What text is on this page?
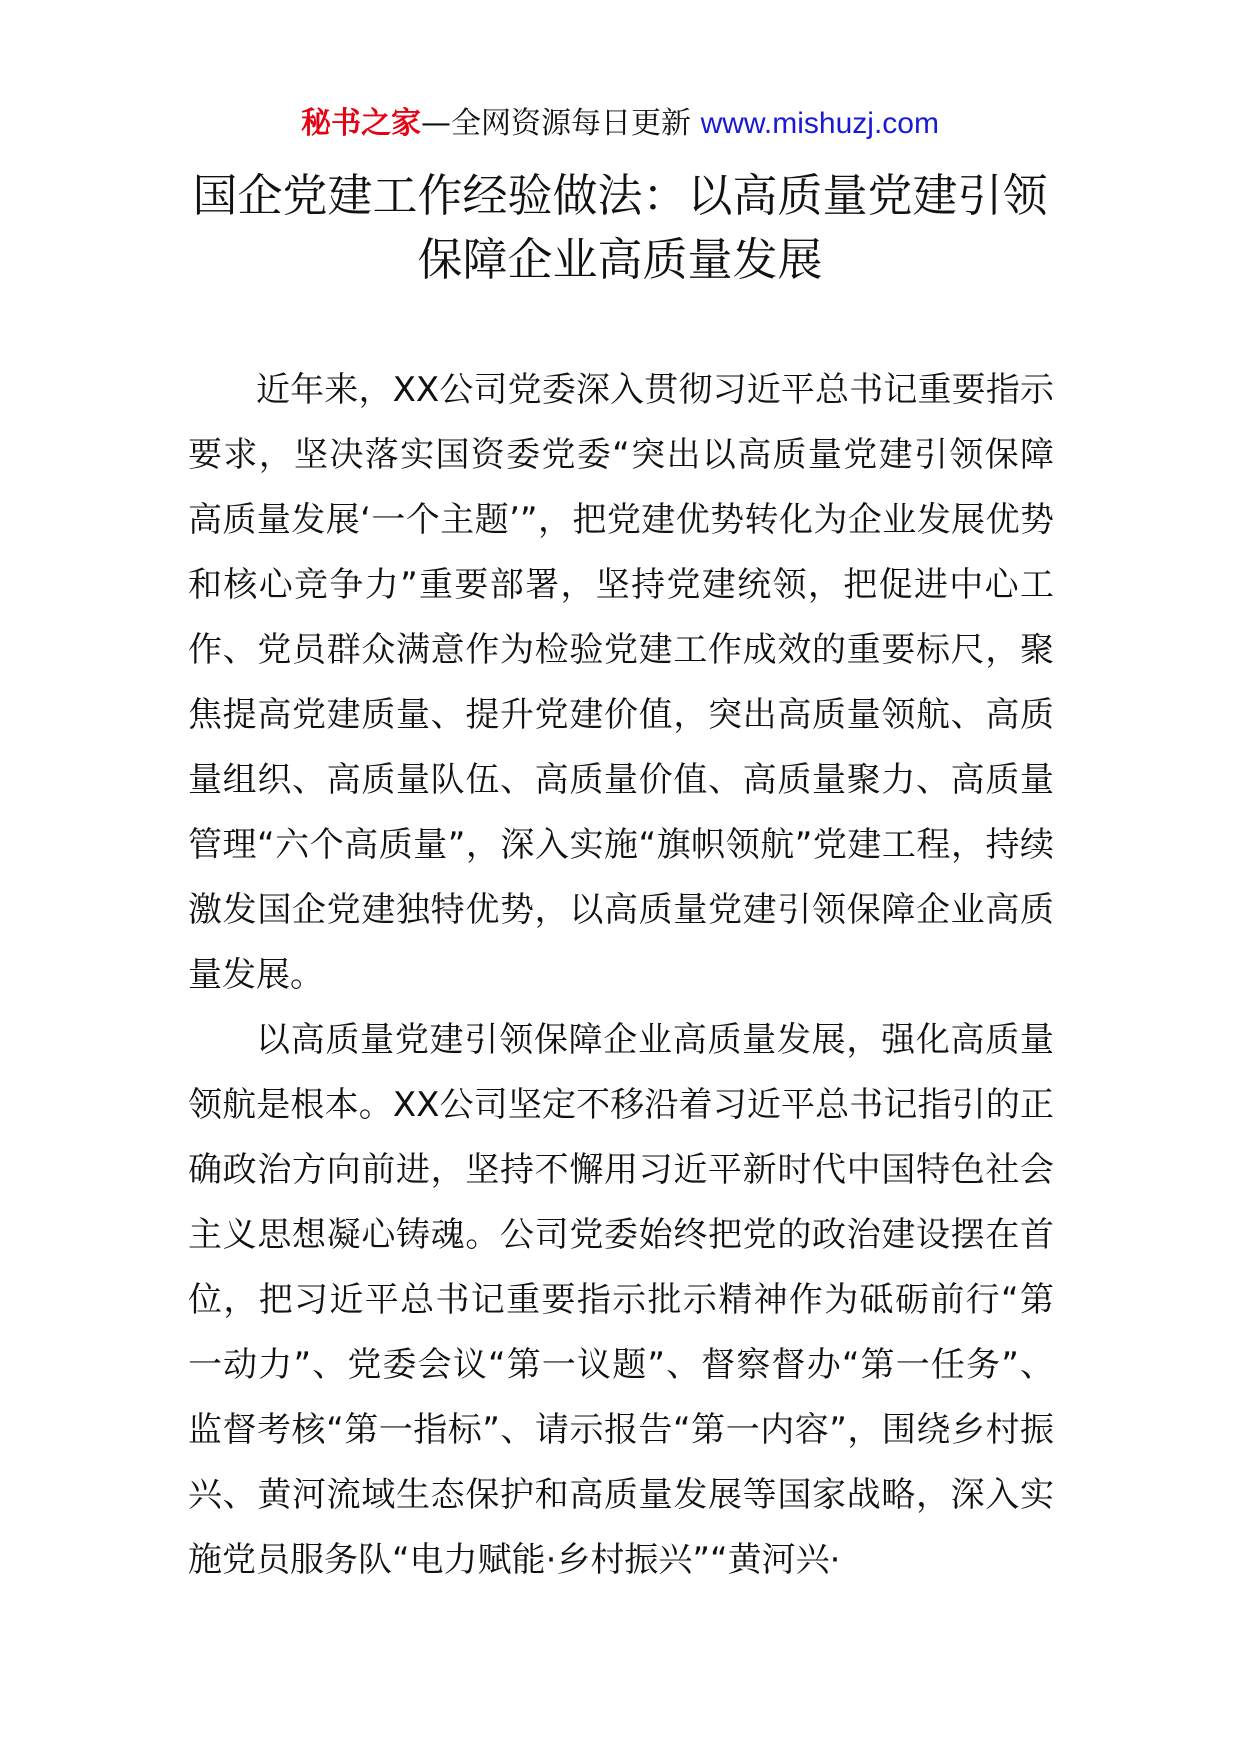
秘书之家—全网资源每日更新 www.mishuzj.com
国企党建工作经验做法：以高质量党建引领保障企业高质量发展

近年来，XX公司党委深入贯彻习近平总书记重要指示要求，坚决落实国资委党委“突出以高质量党建引领保障高质量发展‘一个主题’”，把党建优势转化为企业发展优势和核心竞争力”重要部署，坚持党建统领，把促进中心工作、党员群众满意作为检验党建工作成效的重要标尺，聚焦提高党建质量、提升党建价值，突出高质量领航、高质量组织、高质量队伍、高质量价值、高质量聚力、高质量管理“六个高质量”，深入实施“旗帜领航”党建工程，持续激发国企党建独特优势，以高质量党建引领保障企业高质量发展。

以高质量党建引领保障企业高质量发展，强化高质量领航是根本。XX公司坚定不移沿着习近平总书记指引的正确政治方向前进，坚持不懈用习近平新时代中国特色社会主义思想凝心铸魂。公司党委始终把党的政治建设摆在首位，把习近平总书记重要指示批示精神作为砥砺前行“第一动力”、党委会议“第一议题”、督察督办“第一任务”、监督考核“第一指标”、请示报告“第一内容”，围绕乡村振兴、黄河流域生态保护和高质量发展等国家战略，深入实施党员服务队“电力赋能·乡村振兴”“黄河兴·
